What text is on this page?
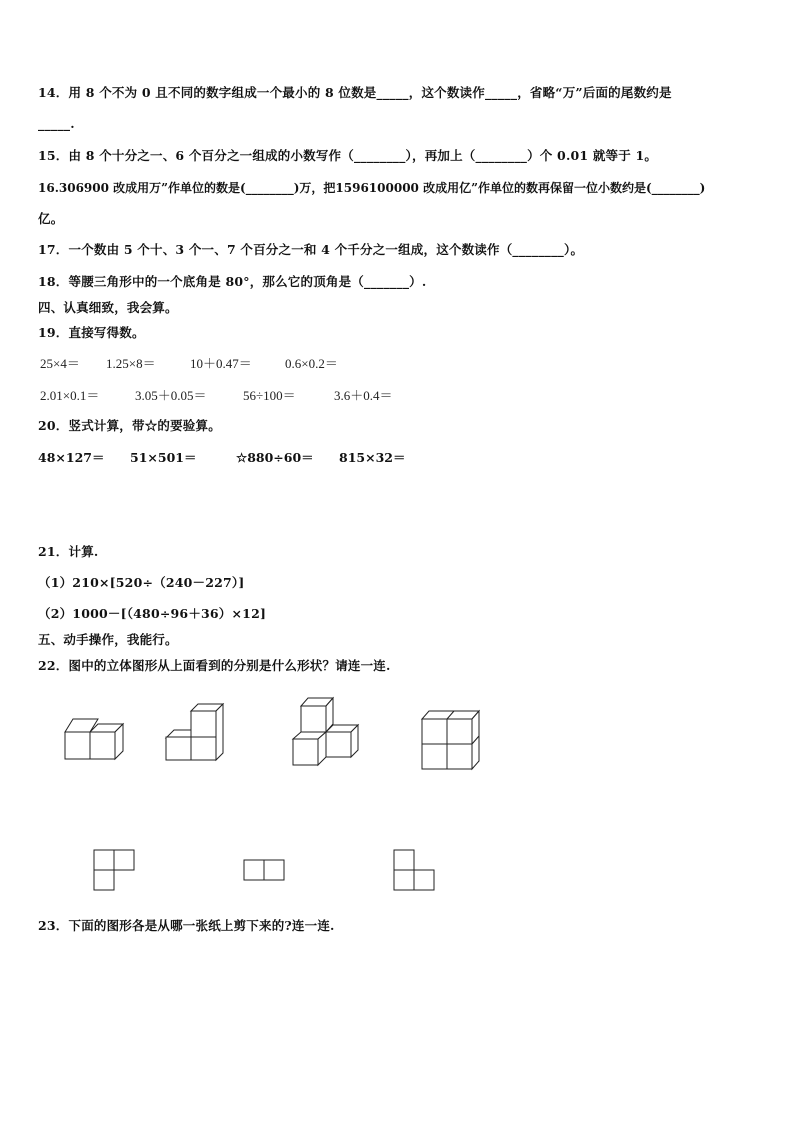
14．用 8 个不为 0 且不同的数字组成一个最小的 8 位数是_____，这个数读作_____，省略“万”后面的尾数约是
_____.
15．由 8 个十分之一、6 个百分之一组成的小数写作（________），再加上（________）个 0.01 就等于 1。
16.306900 改成用万”作单位的数是(________)万，把1596100000 改成用亿”作单位的数再保留一位小数约是(________)
亿。
17．一个数由 5 个十、3 个一、7 个百分之一和 4 个千分之一组成，这个数读作（________）。
18．等腰三角形中的一个底角是 80°，那么它的顶角是（_______）.
四、认真细致，我会算。
19．直接写得数。
25×4＝ 1.25×8＝	10＋0.47＝	0.6×0.2＝
2.01×0.1＝	3.05＋0.05＝	56÷100＝	3.6＋0.4＝
20．竖式计算，带☆的要验算。
48×127＝ 51×501＝	☆880÷60＝ 815×32＝
21．计算.
（1）210×[520÷（240－227）]
（2）1000－[（480÷96＋36）×12]
五、动手操作，我能行。
22．图中的立体图形从上面看到的分别是什么形状？请连一连.
23．下面的图形各是从哪一张纸上剪下来的?连一连.
